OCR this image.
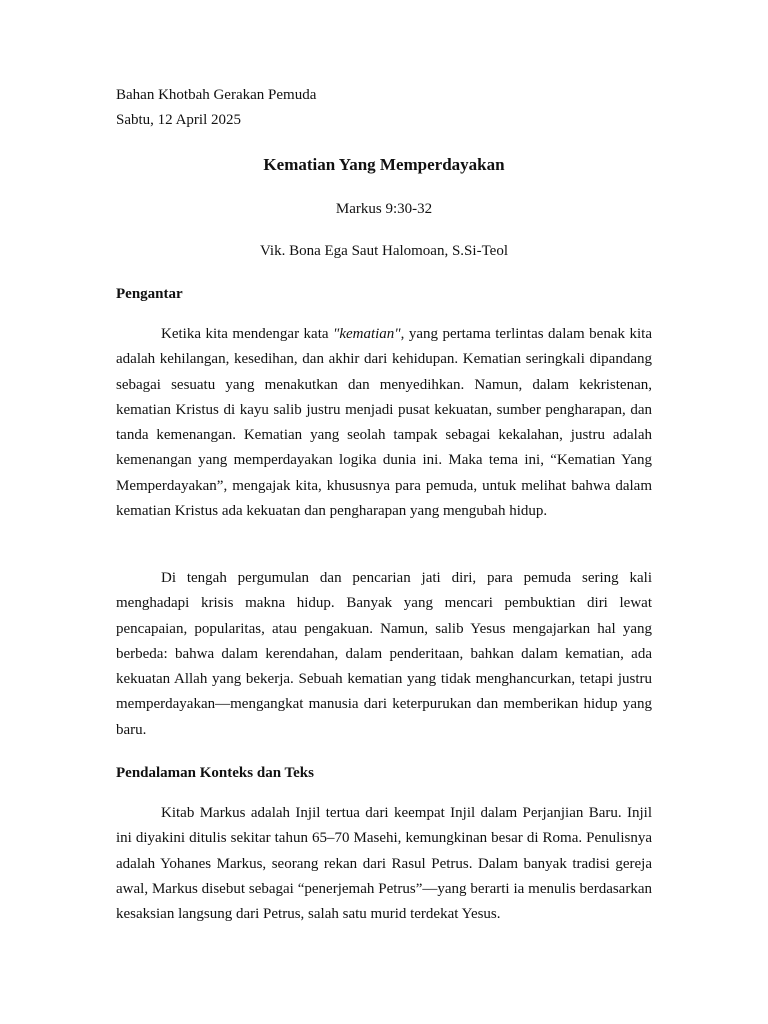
Bahan Khotbah Gerakan Pemuda
Sabtu, 12 April 2025
Kematian Yang Memperdayakan
Markus 9:30-32
Vik. Bona Ega Saut Halomoan, S.Si-Teol
Pengantar

Ketika kita mendengar kata "kematian", yang pertama terlintas dalam benak kita adalah kehilangan, kesedihan, dan akhir dari kehidupan. Kematian seringkali dipandang sebagai sesuatu yang menakutkan dan menyedihkan. Namun, dalam kekristenan, kematian Kristus di kayu salib justru menjadi pusat kekuatan, sumber pengharapan, dan tanda kemenangan. Kematian yang seolah tampak sebagai kekalahan, justru adalah kemenangan yang memperdayakan logika dunia ini. Maka tema ini, “Kematian Yang Memperdayakan”, mengajak kita, khususnya para pemuda, untuk melihat bahwa dalam kematian Kristus ada kekuatan dan pengharapan yang mengubah hidup.

Di tengah pergumulan dan pencarian jati diri, para pemuda sering kali menghadapi krisis makna hidup. Banyak yang mencari pembuktian diri lewat pencapaian, popularitas, atau pengakuan. Namun, salib Yesus mengajarkan hal yang berbeda: bahwa dalam kerendahan, dalam penderitaan, bahkan dalam kematian, ada kekuatan Allah yang bekerja. Sebuah kematian yang tidak menghancurkan, tetapi justru memperdayakan—mengangkat manusia dari keterpurukan dan memberikan hidup yang baru.

Pendalaman Konteks dan Teks

Kitab Markus adalah Injil tertua dari keempat Injil dalam Perjanjian Baru. Injil ini diyakini ditulis sekitar tahun 65–70 Masehi, kemungkinan besar di Roma. Penulisnya adalah Yohanes Markus, seorang rekan dari Rasul Petrus. Dalam banyak tradisi gereja awal, Markus disebut sebagai “penerjemah Petrus”—yang berarti ia menulis berdasarkan kesaksian langsung dari Petrus, salah satu murid terdekat Yesus.
